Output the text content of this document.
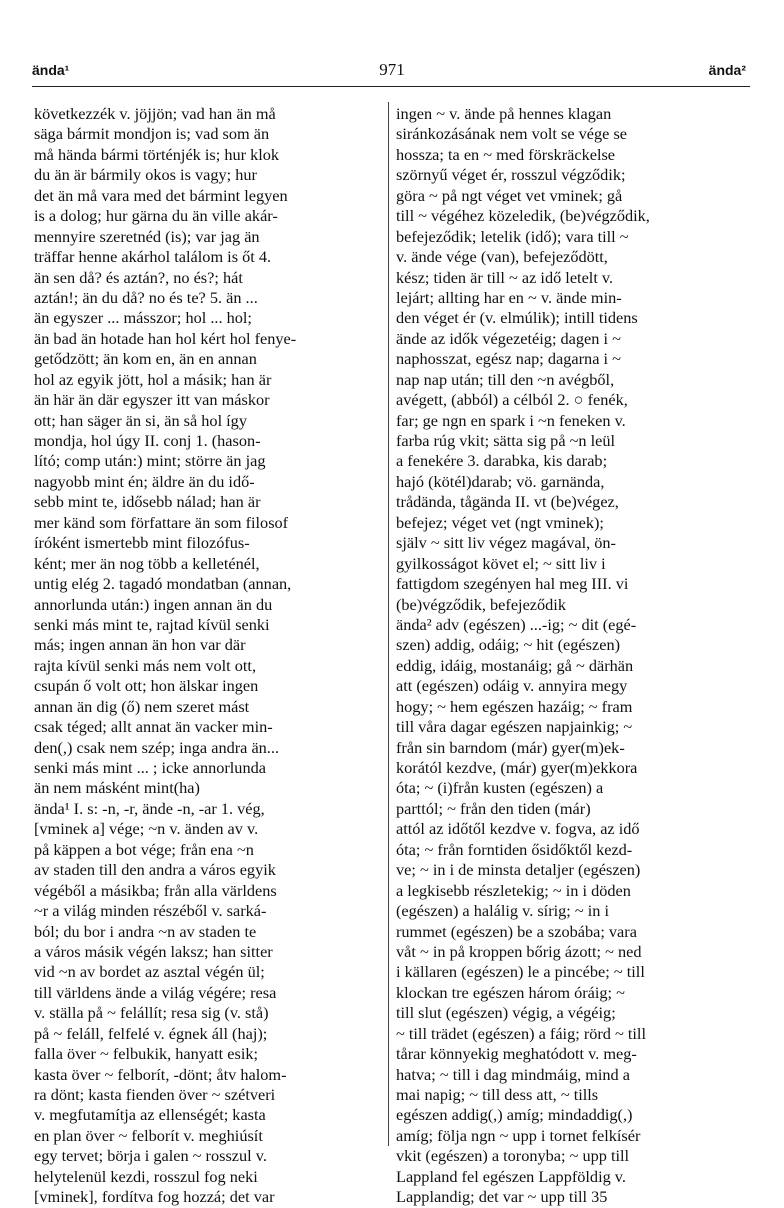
ända¹	971	ända²
következzék v. jöjjön; vad han än må
säga bármit mondjon is; vad som än
må hända bármi történjék is; hur klok
du än är bármily okos is vagy; hur
det än må vara med det bármint legyen
is a dolog; hur gärna du än ville akár-
mennyire szeretnéd (is); var jag än
träffar henne akárhol találom is őt 4.
än sen då? és aztán?, no és?; hát
aztán!; än du då? no és te? 5. än ...
än egyszer ... másszor; hol ... hol;
än bad än hotade han hol kért hol fenye-
getődzött; än kom en, än en annan
hol az egyik jött, hol a másik; han är
än här än där egyszer itt van máskor
ott; han säger än si, än så hol így
mondja, hol úgy II. conj 1. (hason-
lító; comp után:) mint; större än jag
nagyobb mint én; äldre än du idő-
sebb mint te, idősebb nálad; han är
mer känd som författare än som filosof
íróként ismertebb mint filozófus-
ként; mer än nog több a kelleténél,
untig elég 2. tagadó mondatban (annan,
annorlunda után:) ingen annan än du
senki más mint te, rajtad kívül senki
más; ingen annan än hon var där
rajta kívül senki más nem volt ott,
csupán ő volt ott; hon älskar ingen
annan än dig (ő) nem szeret mást
csak téged; allt annat än vacker min-
den(,) csak nem szép; inga andra än...
senki más mint ... ; icke annorlunda
än nem másként mint(ha)
ända¹ I. s: -n, -r, ände -n, -ar 1. vég,
[vminek a] vége; ~n v. änden av v.
på käppen a bot vége; från ena ~n
av staden till den andra a város egyik
végéből a másikba; från alla världens
~r a világ minden részéből v. sarká-
ból; du bor i andra ~n av staden te
a város másik végén laksz; han sitter
vid ~n av bordet az asztal végén ül;
till världens ände a világ végére; resa
v. ställa på ~ felállít; resa sig (v. stå)
på ~ feláll, felfelé v. égnek áll (haj);
falla över ~ felbukik, hanyatt esik;
kasta över ~ felborít, -dönt; åtv halom-
ra dönt; kasta fienden över ~ szétveri
v. megfutamítja az ellenségét; kasta
en plan över ~ felborít v. meghiúsít
egy tervet; börja i galen ~ rosszul v.
helytelenül kezdi, rosszul fog neki
[vminek], fordítva fog hozzá; det var
ingen ~ v. ände på hennes klagan
siránkozásának nem volt se vége se
hossza; ta en ~ med förskräckelse
szörnyű véget ér, rosszul végződik;
göra ~ på ngt véget vet vminek; gå
till ~ végéhez közeledik, (be)végződik,
befejeződik; letelik (idő); vara till ~
v. ände vége (van), befejeződött,
kész; tiden är till ~ az idő letelt v.
lejárt; allting har en ~ v. ände min-
den véget ér (v. elmúlik); intill tidens
ände az idők végezetéig; dagen i ~
naphosszat, egész nap; dagarna i ~
nap nap után; till den ~n avégből,
avégett, (abból) a célból 2. ○ fenék,
far; ge ngn en spark i ~n feneken v.
farba rúg vkit; sätta sig på ~n leül
a fenekére 3. darabka, kis darab;
hajó (kötél)darab; vö. garnända,
trådända, tågända II. vt (be)végez,
befejez; véget vet (ngt vminek);
själv ~ sitt liv végez magával, ön-
gyilkosságot követ el; ~ sitt liv i
fattigdom szegényen hal meg III. vi
(be)végződik, befejeződik
ända² adv (egészen) ...-ig; ~ dit (egé-
szen) addig, odáig; ~ hit (egészen)
eddig, idáig, mostanáig; gå ~ därhän
att (egészen) odáig v. annyira megy
hogy; ~ hem egészen hazáig; ~ fram
till våra dagar egészen napjainkig; ~
från sin barndom (már) gyer(m)ek-
korától kezdve, (már) gyer(m)ekkora
óta; ~ (i)från kusten (egészen) a
parttól; ~ från den tiden (már)
attól az időtől kezdve v. fogva, az idő
óta; ~ från forntiden ősidőktől kezd-
ve; ~ in i de minsta detaljer (egészen)
a legkisebb részletekig; ~ in i döden
(egészen) a halálig v. sírig; ~ in i
rummet (egészen) be a szobába; vara
våt ~ in på kroppen bőrig ázott; ~ ned
i källaren (egészen) le a pincébe; ~ till
klockan tre egészen három óráig; ~
till slut (egészen) végig, a végéig;
~ till trädet (egészen) a fáig; rörd ~ till
tårar könnyekig meghatódott v. meg-
hatva; ~ till i dag mindmáig, mind a
mai napig; ~ till dess att, ~ tills
egészen addig(,) amíg; mindaddig(,)
amíg; följa ngn ~ upp i tornet felkísér
vkit (egészen) a toronyba; ~ upp till
Lappland fel egészen Lappföldig v.
Lapplandig; det var ~ upp till 35
